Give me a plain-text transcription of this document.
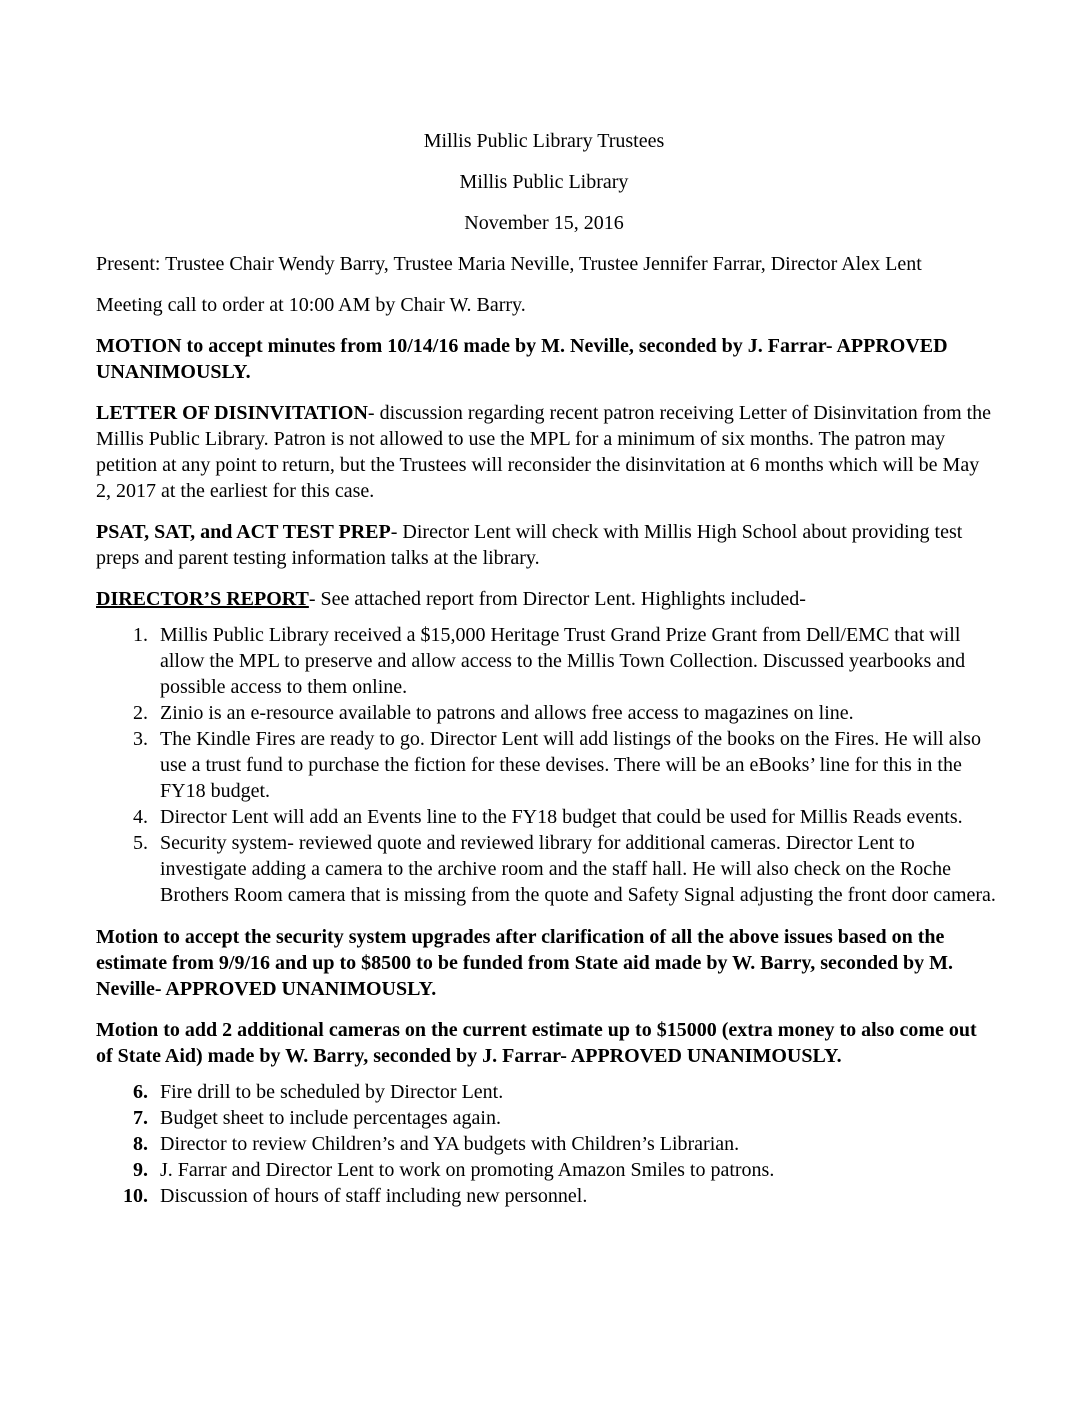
Millis Public Library Trustees

Millis Public Library

November 15, 2016

Present: Trustee Chair Wendy Barry, Trustee Maria Neville, Trustee Jennifer Farrar, Director Alex Lent

Meeting call to order at 10:00 AM by Chair W. Barry.

MOTION to accept minutes from 10/14/16 made by M. Neville, seconded by J. Farrar- APPROVED UNANIMOUSLY.

LETTER OF DISINVITATION- discussion regarding recent patron receiving Letter of Disinvitation from the Millis Public Library. Patron is not allowed to use the MPL for a minimum of six months. The patron may petition at any point to return, but the Trustees will reconsider the disinvitation at 6 months which will be May 2, 2017 at the earliest for this case.

PSAT, SAT, and ACT TEST PREP- Director Lent will check with Millis High School about providing test preps and parent testing information talks at the library.

DIRECTOR’S REPORT- See attached report from Director Lent. Highlights included-

1. Millis Public Library received a $15,000 Heritage Trust Grand Prize Grant from Dell/EMC that will allow the MPL to preserve and allow access to the Millis Town Collection. Discussed yearbooks and possible access to them online.
2. Zinio is an e-resource available to patrons and allows free access to magazines on line.
3. The Kindle Fires are ready to go. Director Lent will add listings of the books on the Fires. He will also use a trust fund to purchase the fiction for these devises. There will be an eBooks’ line for this in the FY18 budget.
4. Director Lent will add an Events line to the FY18 budget that could be used for Millis Reads events.
5. Security system- reviewed quote and reviewed library for additional cameras. Director Lent to investigate adding a camera to the archive room and the staff hall. He will also check on the Roche Brothers Room camera that is missing from the quote and Safety Signal adjusting the front door camera.

Motion to accept the security system upgrades after clarification of all the above issues based on the estimate from 9/9/16 and up to $8500 to be funded from State aid made by W. Barry, seconded by M. Neville- APPROVED UNANIMOUSLY.

Motion to add 2 additional cameras on the current estimate up to $15000 (extra money to also come out of State Aid) made by W. Barry, seconded by J. Farrar- APPROVED UNANIMOUSLY.

6. Fire drill to be scheduled by Director Lent.
7. Budget sheet to include percentages again.
8. Director to review Children’s and YA budgets with Children’s Librarian.
9. J. Farrar and Director Lent to work on promoting Amazon Smiles to patrons.
10. Discussion of hours of staff including new personnel.
